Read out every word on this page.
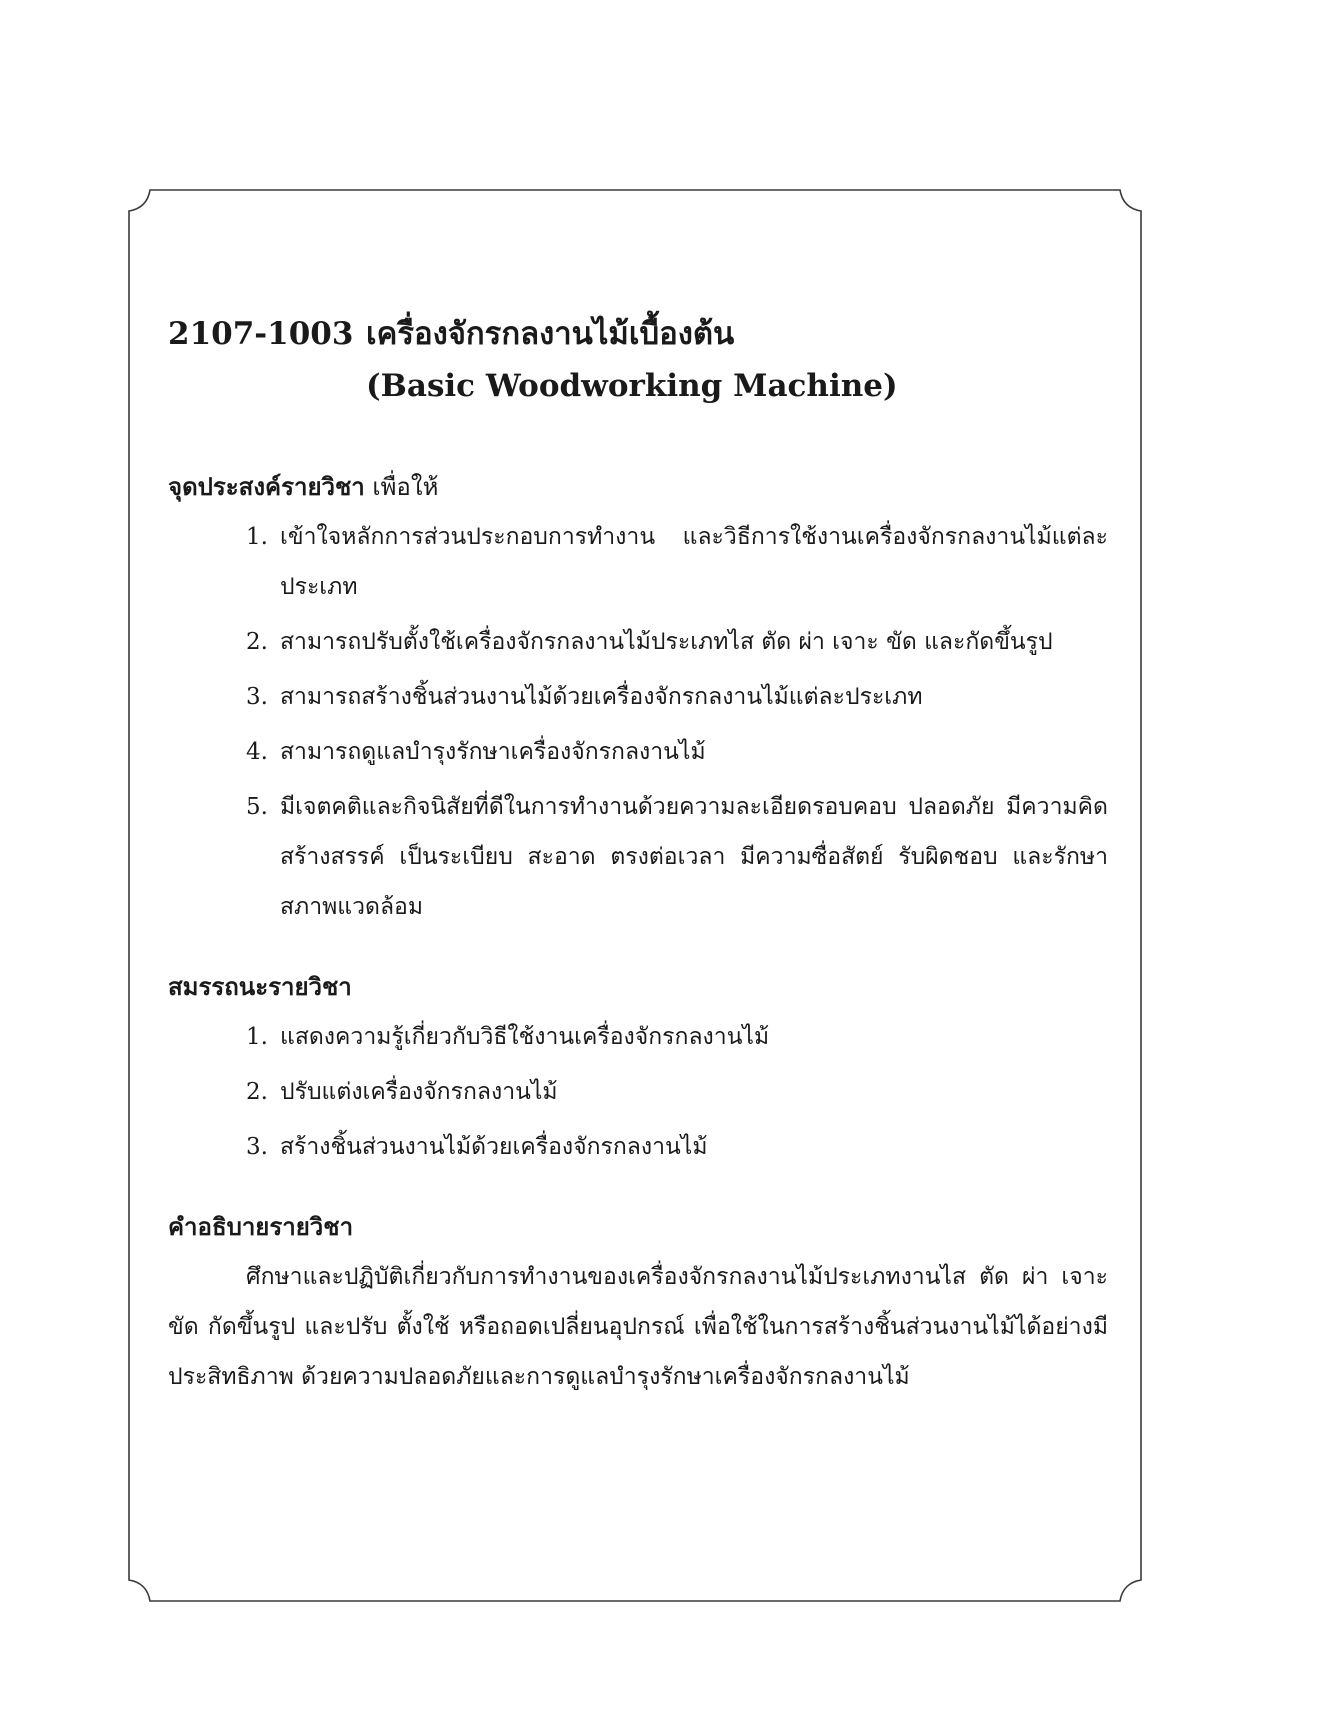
2107-1003 เครื่องจักรกลงานไม้เบื้องต้น
(Basic Woodworking Machine)
จุดประสงค์รายวิชา เพื่อให้
1. เข้าใจหลักการส่วนประกอบการทำงาน และวิธีการใช้งานเครื่องจักรกลงานไม้แต่ละประเภท
2. สามารถปรับตั้งใช้เครื่องจักรกลงานไม้ประเภทไส ตัด ผ่า เจาะ ขัด และกัดขึ้นรูป
3. สามารถสร้างชิ้นส่วนงานไม้ด้วยเครื่องจักรกลงานไม้แต่ละประเภท
4. สามารถดูแลบำรุงรักษาเครื่องจักรกลงานไม้
5. มีเจตคติและกิจนิสัยที่ดีในการทำงานด้วยความละเอียดรอบคอบ ปลอดภัย มีความคิดสร้างสรรค์ เป็นระเบียบ สะอาด ตรงต่อเวลา มีความซื่อสัตย์ รับผิดชอบ และรักษาสภาพแวดล้อม
สมรรถนะรายวิชา
1. แสดงความรู้เกี่ยวกับวิธีใช้งานเครื่องจักรกลงานไม้
2. ปรับแต่งเครื่องจักรกลงานไม้
3. สร้างชิ้นส่วนงานไม้ด้วยเครื่องจักรกลงานไม้
คำอธิบายรายวิชา

ศึกษาและปฏิบัติเกี่ยวกับการทำงานของเครื่องจักรกลงานไม้ประเภทงานไส ตัด ผ่า เจาะ ขัด กัดขึ้นรูป และปรับ ตั้งใช้ หรือถอดเปลี่ยนอุปกรณ์ เพื่อใช้ในการสร้างชิ้นส่วนงานไม้ได้อย่างมีประสิทธิภาพ ด้วยความปลอดภัยและการดูแลบำรุงรักษาเครื่องจักรกลงานไม้
